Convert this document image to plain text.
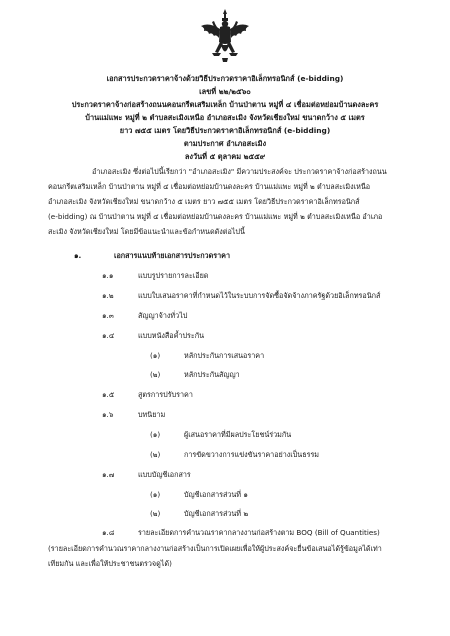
เอกสารประกวดราคาจ้างด้วยวิธีประกวดราคาอิเล็กทรอนิกส์ (e-bidding)
เลขที่ ๒๒/๒๕๖๐
ประกวดราคาจ้างก่อสร้างถนนคอนกรีตเสริมเหล็ก บ้านป่าตาน หมู่ที่ ๔ เชื่อมต่อหย่อมบ้านดงละคร
บ้านแม่แพะ หมู่ที่ ๒ ตำบลสะเมิงเหนือ อำเภอสะเมิง จังหวัดเชียงใหม่ ขนาดกว้าง ๕ เมตร
ยาว ๗๕๕ เมตร โดยวิธีประกวดราคาอิเล็กทรอนิกส์ (e-bidding)
ตามประกาศ อำเภอสะเมิง
ลงวันที่ ๕ ตุลาคม ๒๕๕๙
อำเภอสะเมิง ซึ่งต่อไปนี้เรียกว่า "อำเภอสะเมิง" มีความประสงค์จะ ประกวดราคาจ้างก่อสร้างถนน
คอนกรีตเสริมเหล็ก บ้านป่าตาน หมู่ที่ ๔ เชื่อมต่อหย่อมบ้านดงละคร บ้านแม่แพะ หมู่ที่ ๒ ตำบลสะเมิงเหนือ
อำเภอสะเมิง จังหวัดเชียงใหม่ ขนาดกว้าง ๕ เมตร ยาว ๗๕๕ เมตร โดยวิธีประกวดราคาอิเล็กทรอนิกส์
(e-bidding) ณ บ้านป่าตาน หมู่ที่ ๔ เชื่อมต่อหย่อมบ้านดงละคร บ้านแม่แพะ หมู่ที่ ๒ ตำบลสะเมิงเหนือ อำเภอ
สะเมิง จังหวัดเชียงใหม่ โดยมีข้อแนะนำและข้อกำหนดดังต่อไปนี้
๑.	เอกสารแนบท้ายเอกสารประกวดราคา
๑.๑	แบบรูปรายการละเอียด
๑.๒	แบบใบเสนอราคาที่กำหนดไว้ในระบบการจัดซื้อจัดจ้างภาครัฐด้วยอิเล็กทรอนิกส์
๑.๓	สัญญาจ้างทั่วไป
๑.๔	แบบหนังสือค้ำประกัน
(๑)	หลักประกันการเสนอราคา
(๒)	หลักประกันสัญญา
๑.๕	สูตรการปรับราคา
๑.๖	บทนิยาม
(๑)	ผู้เสนอราคาที่มีผลประโยชน์ร่วมกัน
(๒)	การขัดขวางการแข่งขันราคาอย่างเป็นธรรม
๑.๗	แบบบัญชีเอกสาร
(๑)	บัญชีเอกสารส่วนที่ ๑
(๒)	บัญชีเอกสารส่วนที่ ๒
๑.๘	รายละเอียดการคำนวณราคากลางงานก่อสร้างตาม BOQ (Bill of Quantities)
(รายละเอียดการคำนวณราคากลางงานก่อสร้างเป็นการเปิดเผยเพื่อให้ผู้ประสงค์จะยื่นข้อเสนอได้รู้ข้อมูลได้เท่า
เทียมกัน และเพื่อให้ประชาชนตรวจดูได้)
